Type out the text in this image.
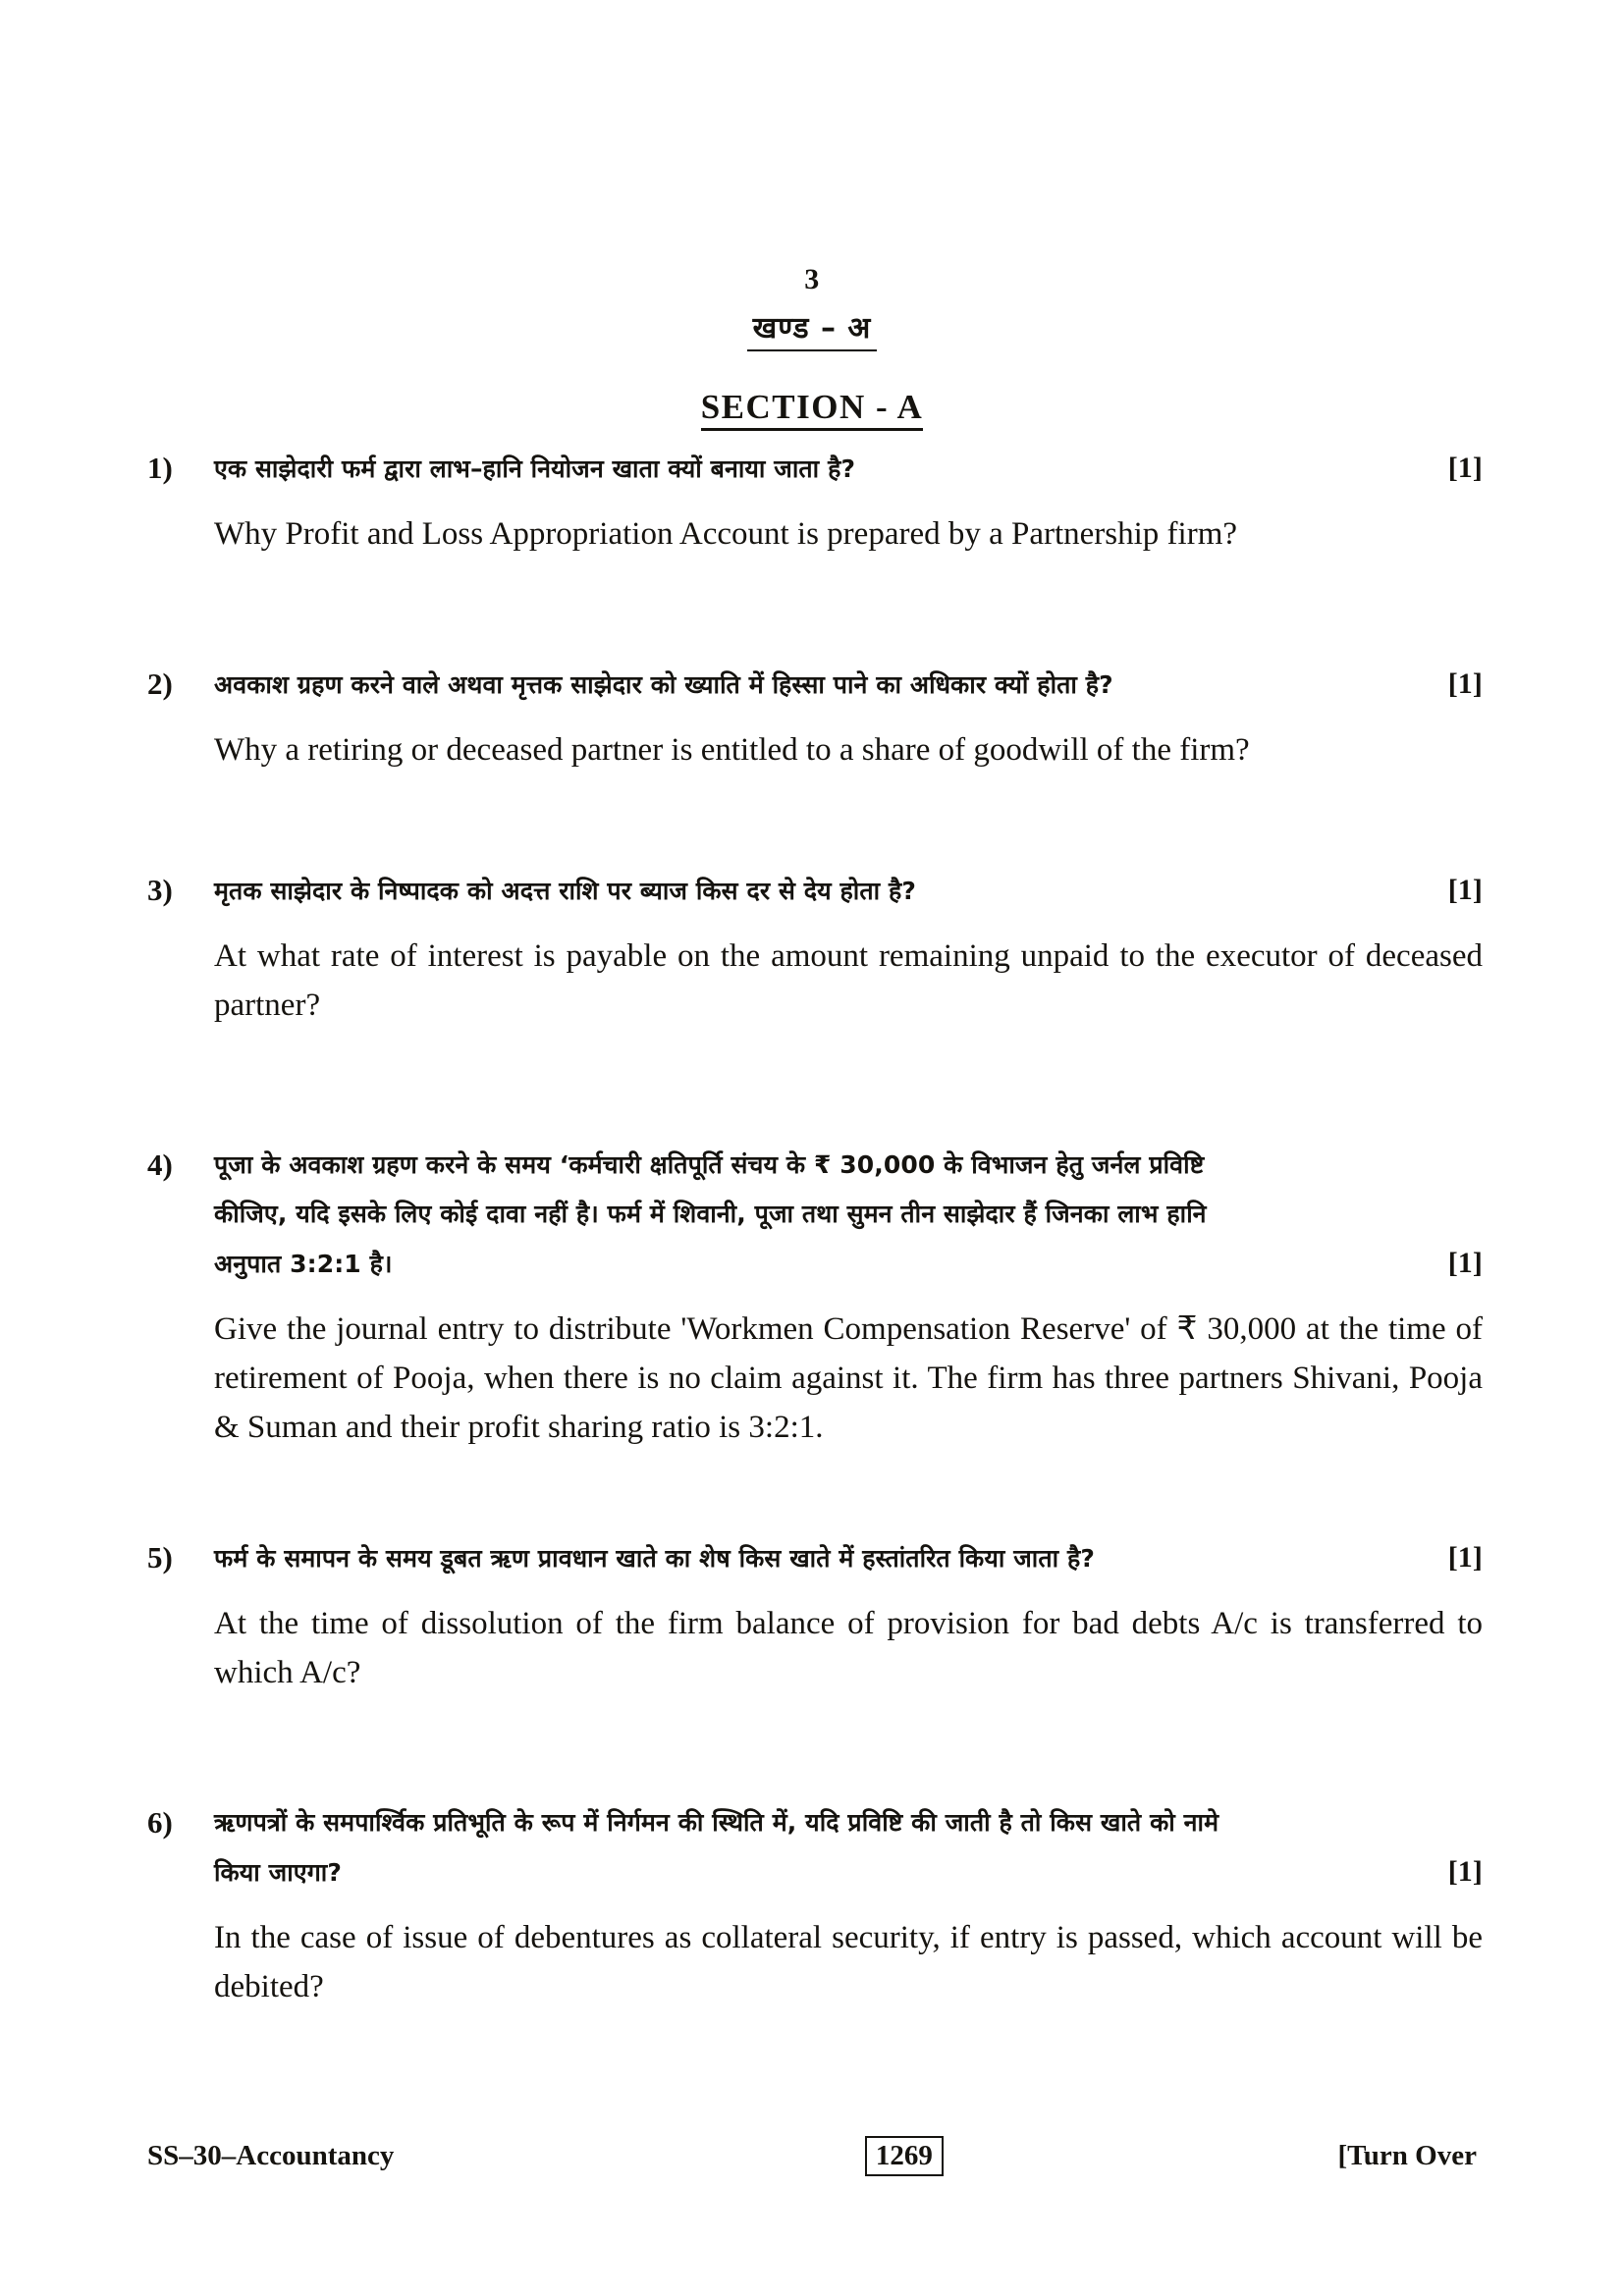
3
खण्ड – अ
SECTION - A
1)	एक साझेदारी फर्म द्वारा लाभ–हानि नियोजन खाता क्यों बनाया जाता है?	[1]
Why Profit and Loss Appropriation Account is prepared by a Partnership firm?
2)	अवकाश ग्रहण करने वाले अथवा मृत्तक साझेदार को ख्याति में हिस्सा पाने का अधिकार क्यों होता है?	[1]
Why a retiring or deceased partner is entitled to a share of goodwill of the firm?
3)	मृतक साझेदार के निष्पादक को अदत्त राशि पर ब्याज किस दर से देय होता है?	[1]
At what rate of interest is payable on the amount remaining unpaid to the executor of deceased partner?
4)	पूजा के अवकाश ग्रहण करने के समय ‘कर्मचारी क्षतिपूर्ति संचय के ₹ 30,000 के विभाजन हेतु जर्नल प्रविष्टि
कीजिए, यदि इसके लिए कोई दावा नहीं है। फर्म में शिवानी, पूजा तथा सुमन तीन साझेदार हैं जिनका लाभ हानि
अनुपात 3:2:1 है।	[1]
Give the journal entry to distribute 'Workmen Compensation Reserve' of ₹ 30,000 at the time of retirement of Pooja, when there is no claim against it. The firm has three partners Shivani, Pooja & Suman and their profit sharing ratio is 3:2:1.
5)	फर्म के समापन के समय डूबत ऋण प्रावधान खाते का शेष किस खाते में हस्तांतरित किया जाता है?	[1]
At the time of dissolution of the firm balance of provision for bad debts A/c is transferred to which A/c?
6)	ऋणपत्रों के समपार्श्विक प्रतिभूति के रूप में निर्गमन की स्थिति में, यदि प्रविष्टि की जाती है तो किस खाते को नामे
किया जाएगा?	[1]
In the case of issue of debentures as collateral security, if entry is passed, which account will be debited?
SS–30–Accountancy	1269	[Turn Over
